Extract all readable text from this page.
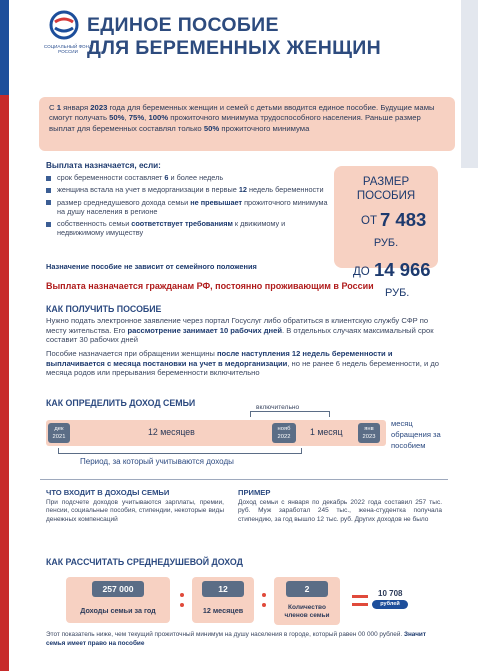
СОЦИАЛЬНЫЙ ФОНД РОССИИ
ЕДИНОЕ ПОСОБИЕ
ДЛЯ БЕРЕМЕННЫХ ЖЕНЩИН
С 1 января 2023 года для беременных женщин и семей с детьми вводится единое пособие. Будущие мамы смогут получать 50%, 75%, 100% прожиточного минимума трудоспособного населения. Раньше размер выплат для беременных составлял только 50% прожиточного минимума
Выплата назначается, если:
срок беременности составляет 6 и более недель
женщина встала на учет в медорганизации в первые 12 недель беременности
размер среднедушевого дохода семьи не превышает прожиточного минимума на душу населения в регионе
собственность семьи соответствует требованиям к движимому и недвижимому имуществу
Назначение пособие не зависит от семейного положения
РАЗМЕР
ПОСОБИЯ
ОТ 7 483
РУБ.
ДО 14 966
РУБ.
Выплата назначается гражданам РФ, постоянно проживающим в России
КАК ПОЛУЧИТЬ ПОСОБИЕ
Нужно подать электронное заявление через портал Госуслуг либо обратиться в клиентскую службу СФР по месту жительства. Его рассмотрение занимает 10 рабочих дней. В отдельных случаях максимальный срок составит 30 рабочих дней
Пособие назначается при обращении женщины после наступления 12 недель беременности и выплачивается с месяца постановки на учет в медорганизации, но не ранее 6 недель беременности, и до месяца родов или прерывания беременности включительно
КАК ОПРЕДЕЛИТЬ ДОХОД СЕМЬИ	включительно
дек
2021	12 месяцев	нояб
2022	1 месяц	янв
2023
Период, за который учитываются доходы
месяц обращения за пособием
ЧТО ВХОДИТ В ДОХОДЫ СЕМЬИ
При подсчете доходов учитываются зарплаты, премии, пенсии, социальные пособия, стипендии, некоторые виды денежных компенсаций
ПРИМЕР
Доход семьи с января по декабрь 2022 года составил 257 тыс. руб. Муж заработал 245 тыс., жена-студентка получала стипендию, за год вышло 12 тыс. руб. Других доходов не было
КАК РАССЧИТАТЬ СРЕДНЕДУШЕВОЙ ДОХОД
257 000
Доходы семьи за год
12
12 месяцев
2
Количество членов семьи
10 708
рублей
Этот показатель ниже, чем текущий прожиточный минимум на душу населения в городе, который равен 00 000 рублей. Значит семья имеет право на пособие
